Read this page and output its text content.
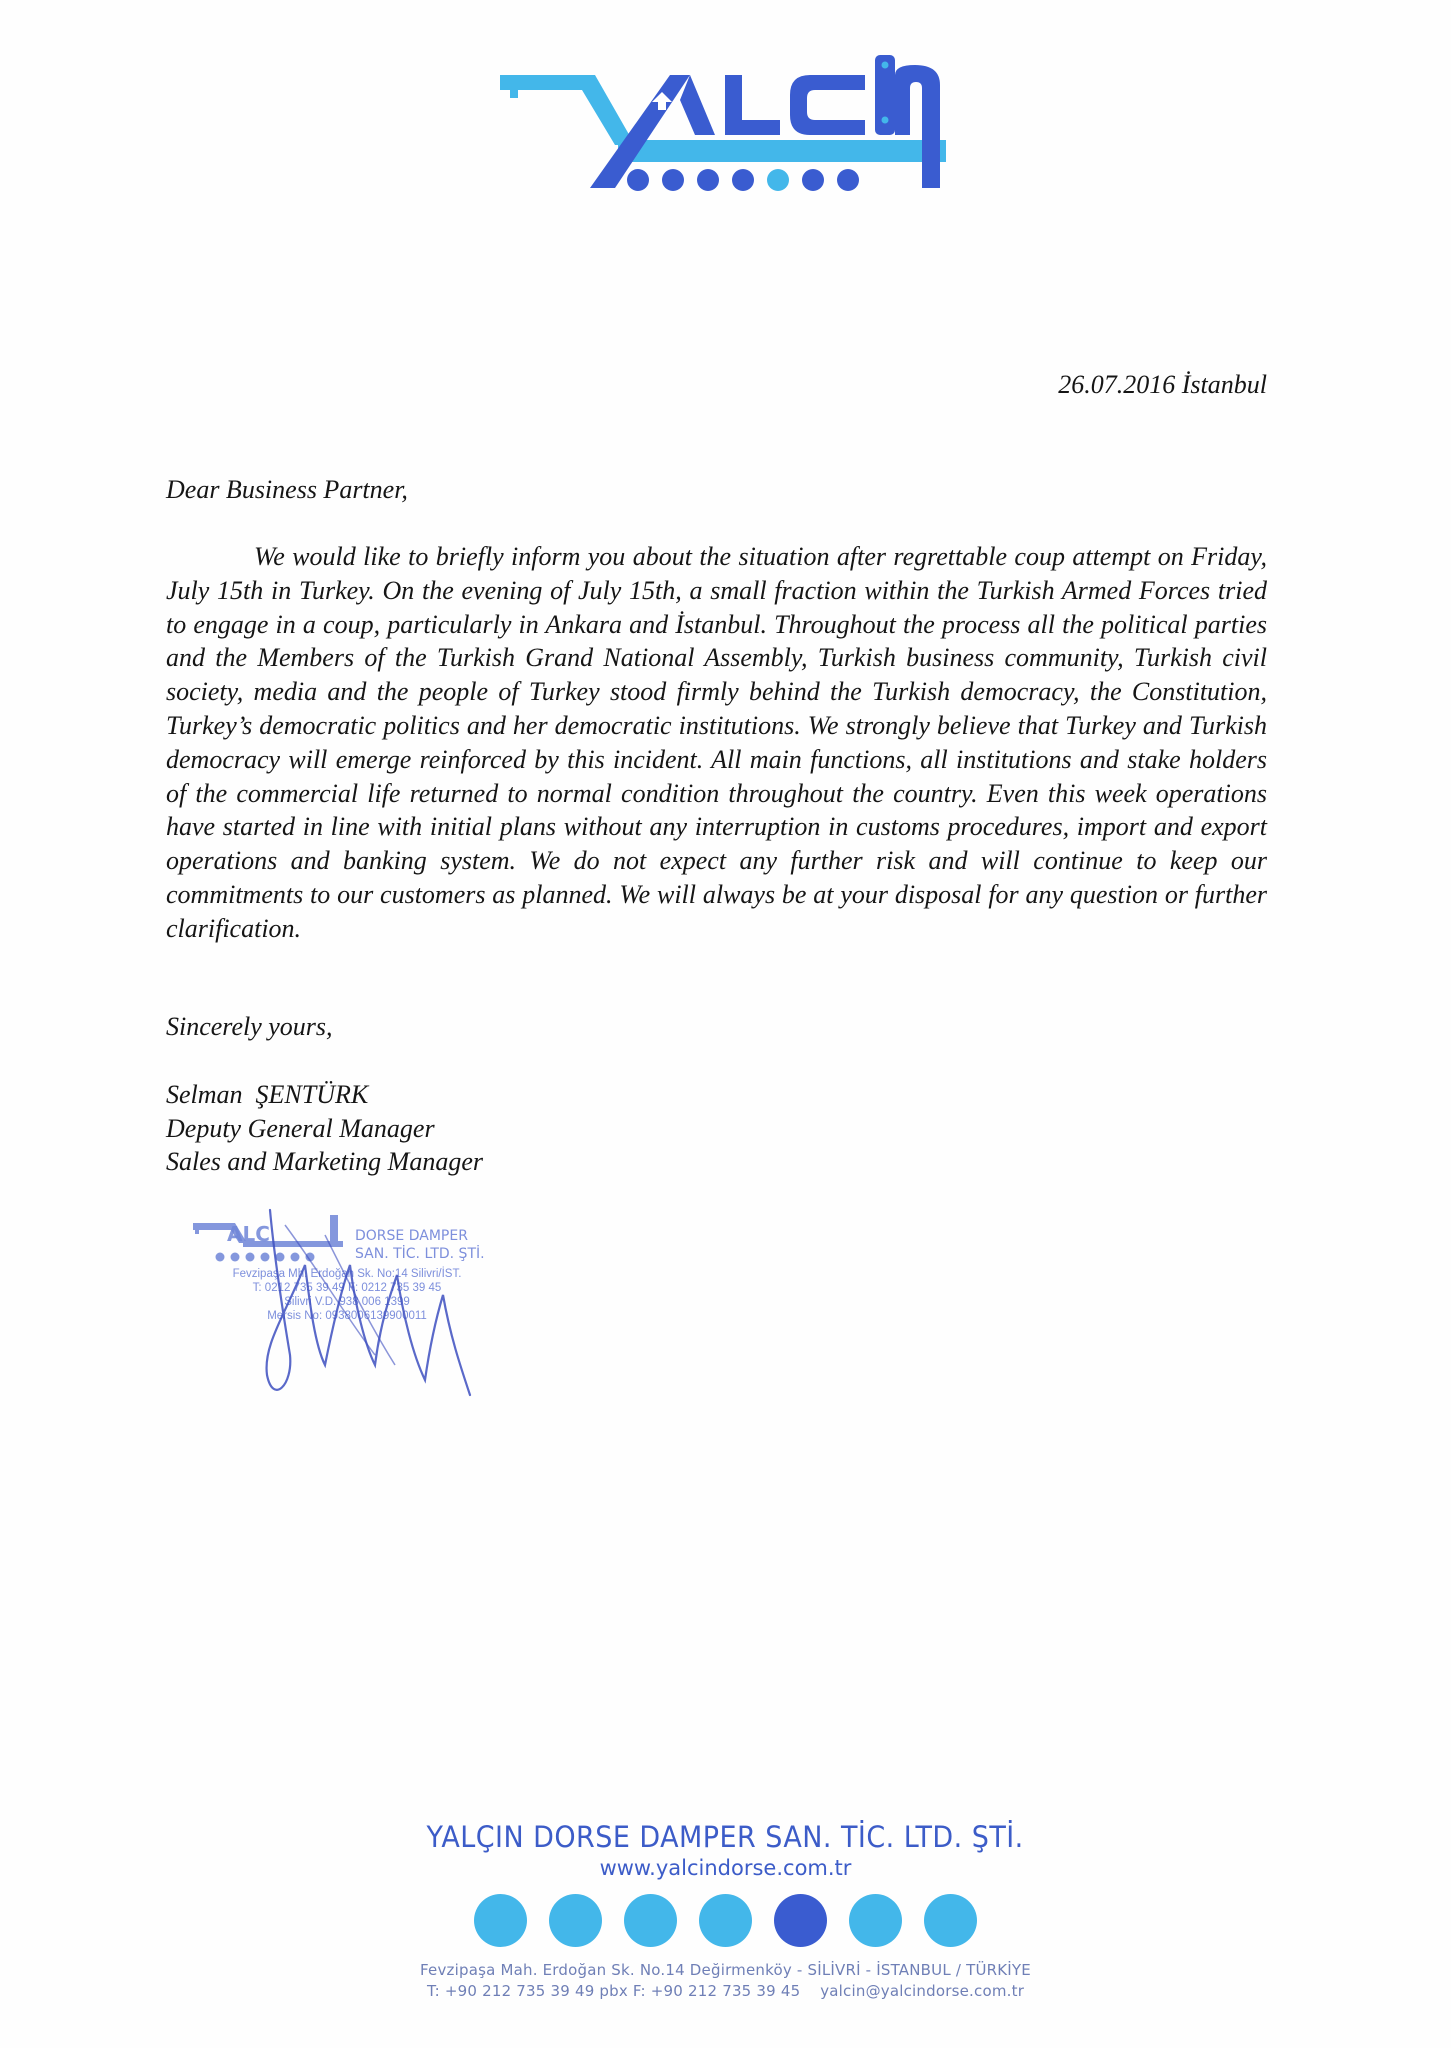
26.07.2016 İstanbul
Dear Business Partner,

We would like to briefly inform you about the situation after regrettable coup attempt on Friday, July 15th in Turkey. On the evening of July 15th, a small fraction within the Turkish Armed Forces tried to engage in a coup, particularly in Ankara and İstanbul. Throughout the process all the political parties and the Members of the Turkish Grand National Assembly, Turkish business community, Turkish civil society, media and the people of Turkey stood firmly behind the Turkish democracy, the Constitution, Turkey’s democratic politics and her democratic institutions. We strongly believe that Turkey and Turkish democracy will emerge reinforced by this incident. All main functions, all institutions and stake holders of the commercial life returned to normal condition throughout the country. Even this week operations have started in line with initial plans without any interruption in customs procedures, import and export operations and banking system. We do not expect any further risk and will continue to keep our commitments to our customers as planned. We will always be at your disposal for any question or further clarification.

Sincerely yours,
Selman  ŞENTÜRK
Deputy General Manager
Sales and Marketing Manager
ALC	DORSE DAMPER
SAN. TİC. LTD. ŞTİ.
Fevzipaşa Mh. Erdoğan Sk. No:14 Silivri/İST.
T: 0212 735 39 49 F: 0212 735 39 45
Silivri V.D. 938 006 1399
Mersis No: 0938006139900011
YALÇIN DORSE DAMPER SAN. TİC. LTD. ŞTİ.
www.yalcindorse.com.tr
Fevzipaşa Mah. Erdoğan Sk. No.14 Değirmenköy - SİLİVRİ - İSTANBUL / TÜRKİYE
T: +90 212 735 39 49 pbx F: +90 212 735 39 45    yalcin@yalcindorse.com.tr
